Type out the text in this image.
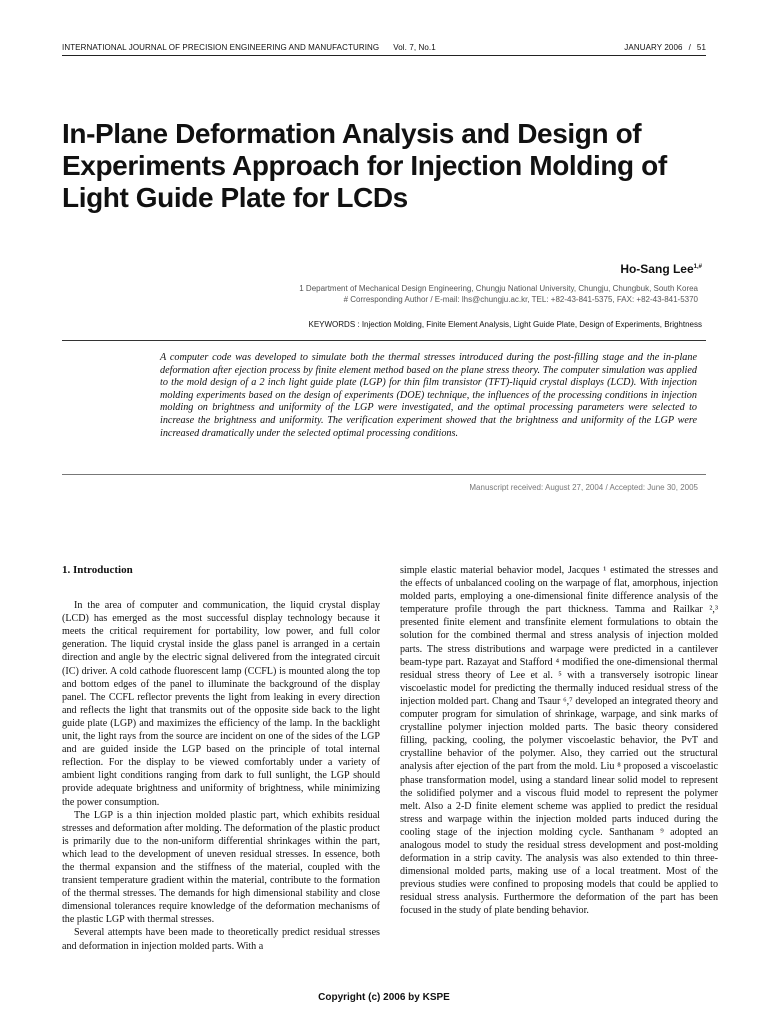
INTERNATIONAL JOURNAL OF PRECISION ENGINEERING AND MANUFACTURING Vol. 7, No.1	JANUARY 2006 / 51
In-Plane Deformation Analysis and Design of Experiments Approach for Injection Molding of Light Guide Plate for LCDs
Ho-Sang Lee$^{1,\#}$
1 Department of Mechanical Design Engineering, Chungju National University, Chungju, Chungbuk, South Korea
# Corresponding Author / E-mail: lhs@chungju.ac.kr, TEL: +82-43-841-5375, FAX: +82-43-841-5370
KEYWORDS : Injection Molding, Finite Element Analysis, Light Guide Plate, Design of Experiments, Brightness

A computer code was developed to simulate both the thermal stresses introduced during the post-filling stage and the in-plane deformation after ejection process by finite element method based on the plane stress theory. The computer simulation was applied to the mold design of a 2 inch light guide plate (LGP) for thin film transistor (TFT)-liquid crystal displays (LCD). With injection molding experiments based on the design of experiments (DOE) technique, the influences of the processing conditions in injection molding on brightness and uniformity of the LGP were investigated, and the optimal processing parameters were selected to increase the brightness and uniformity. The verification experiment showed that the brightness and uniformity of the LGP were increased dramatically under the selected optimal processing conditions.

Manuscript received: August 27, 2004 / Accepted: June 30, 2005
1. Introduction

In the area of computer and communication, the liquid crystal display (LCD) has emerged as the most successful display technology because it meets the critical requirement for portability, low power, and full color generation. The liquid crystal inside the glass panel is arranged in a certain direction and angle by the electric signal delivered from the integrated circuit (IC) driver. A cold cathode fluorescent lamp (CCFL) is mounted along the top and bottom edges of the panel to illuminate the background of the display panel. The CCFL reflector prevents the light from leaking in every direction and reflects the light that transmits out of the opposite side back to the light guide plate (LGP) and maximizes the efficiency of the lamp. In the backlight unit, the light rays from the source are incident on one of the sides of the LGP and are guided inside the LGP based on the principle of total internal reflection. For the display to be viewed comfortably under a variety of ambient light conditions ranging from dark to full sunlight, the LGP should provide adequate brightness and uniformity of brightness, while minimizing the power consumption.

The LGP is a thin injection molded plastic part, which exhibits residual stresses and deformation after molding. The deformation of the plastic product is primarily due to the non-uniform differential shrinkages within the part, which lead to the development of uneven residual stresses. In essence, both the thermal expansion and the stiffness of the material, coupled with the transient temperature gradient within the material, contribute to the formation of the thermal stresses. The demands for high dimensional stability and close dimensional tolerances require knowledge of the deformation mechanisms of the plastic LGP with thermal stresses.

Several attempts have been made to theoretically predict residual stresses and deformation in injection molded parts. With a

simple elastic material behavior model, Jacques ¹ estimated the stresses and the effects of unbalanced cooling on the warpage of flat, amorphous, injection molded parts, employing a one-dimensional finite difference analysis of the temperature profile through the part thickness. Tamma and Railkar ²,³ presented finite element and transfinite element formulations to obtain the solution for the combined thermal and stress analysis of injection molded parts. The stress distributions and warpage were predicted in a cantilever beam-type part. Razayat and Stafford ⁴ modified the one-dimensional thermal residual stress theory of Lee et al. ⁵ with a transversely isotropic linear viscoelastic model for predicting the thermally induced residual stress of the injection molded part. Chang and Tsaur ⁶,⁷ developed an integrated theory and computer program for simulation of shrinkage, warpage, and sink marks of crystalline polymer injection molded parts. The basic theory considered filling, packing, cooling, the polymer viscoelastic behavior, the PvT and crystalline behavior of the polymer. Also, they carried out the structural analysis after ejection of the part from the mold. Liu ⁸ proposed a viscoelastic phase transformation model, using a standard linear solid model to represent the solidified polymer and a viscous fluid model to represent the polymer melt. Also a 2-D finite element scheme was applied to predict the residual stress and warpage within the injection molded parts induced during the cooling stage of the injection molding cycle. Santhanam ⁹ adopted an analogous model to study the residual stress development and post-molding deformation in a strip cavity. The analysis was also extended to thin three-dimensional molded parts, making use of a local treatment. Most of the previous studies were confined to proposing models that could be applied to residual stress analysis. Furthermore the deformation of the part has been focused in the study of plate bending behavior.

Copyright (c) 2006 by KSPE
